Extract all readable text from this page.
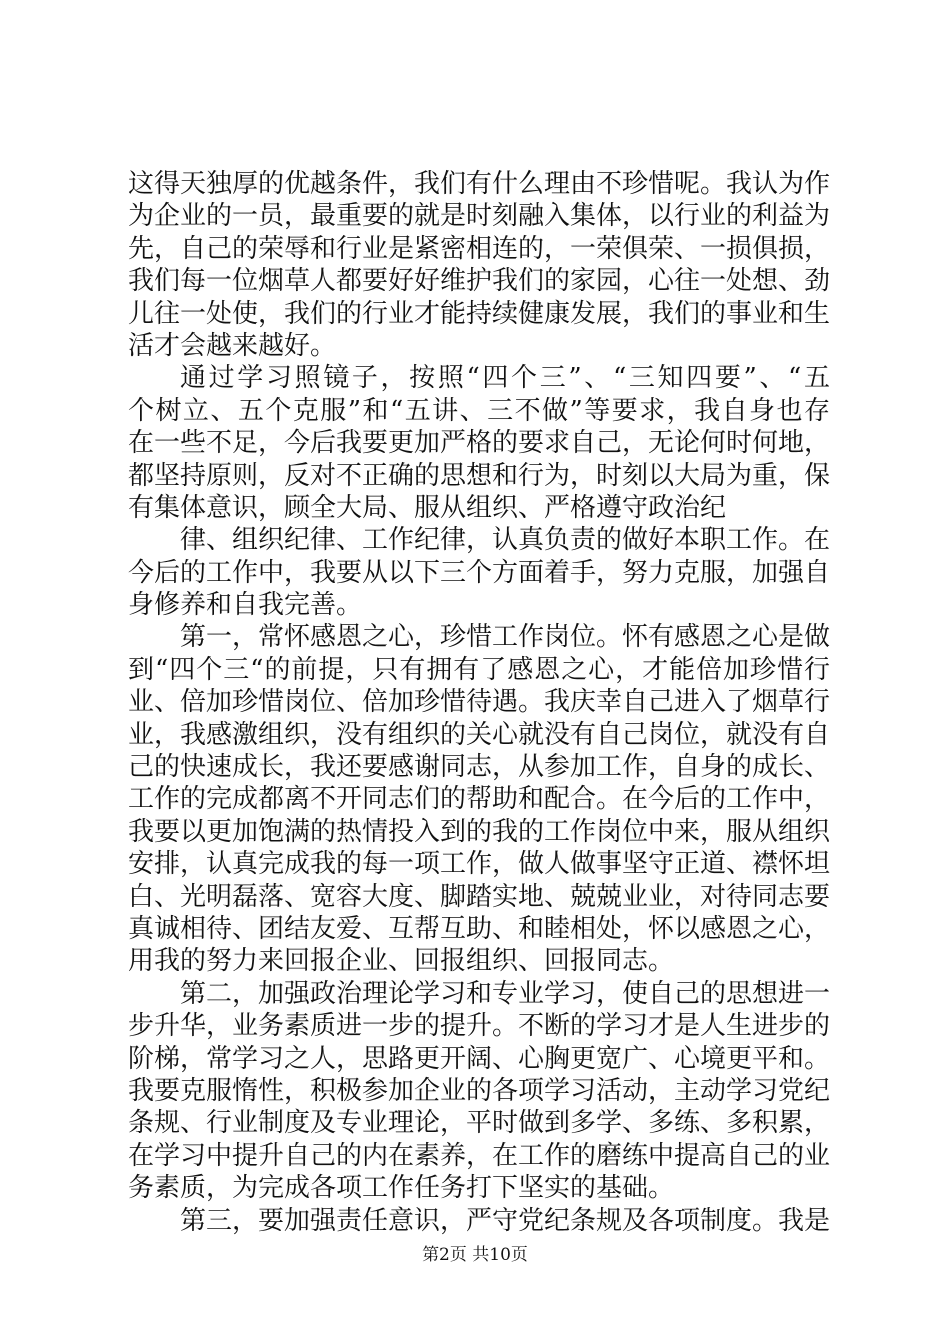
这得天独厚的优越条件，我们有什么理由不珍惜呢。我认为作
为企业的一员，最重要的就是时刻融入集体，以行业的利益为
先，自己的荣辱和行业是紧密相连的，一荣俱荣、一损俱损，
我们每一位烟草人都要好好维护我们的家园，心往一处想、劲
儿往一处使，我们的行业才能持续健康发展，我们的事业和生
活才会越来越好。
通过学习照镜子，按照“四个三”、“三知四要”、“五
个树立、五个克服”和“五讲、三不做”等要求，我自身也存
在一些不足，今后我要更加严格的要求自己，无论何时何地，
都坚持原则，反对不正确的思想和行为，时刻以大局为重，保
有集体意识，顾全大局、服从组织、严格遵守政治纪
律、组织纪律、工作纪律，认真负责的做好本职工作。在
今后的工作中，我要从以下三个方面着手，努力克服，加强自
身修养和自我完善。
第一，常怀感恩之心，珍惜工作岗位。怀有感恩之心是做
到“四个三“的前提，只有拥有了感恩之心，才能倍加珍惜行
业、倍加珍惜岗位、倍加珍惜待遇。我庆幸自己进入了烟草行
业，我感激组织，没有组织的关心就没有自己岗位，就没有自
己的快速成长，我还要感谢同志，从参加工作，自身的成长、
工作的完成都离不开同志们的帮助和配合。在今后的工作中，
我要以更加饱满的热情投入到的我的工作岗位中来，服从组织
安排，认真完成我的每一项工作，做人做事坚守正道、襟怀坦
白、光明磊落、宽容大度、脚踏实地、兢兢业业，对待同志要
真诚相待、团结友爱、互帮互助、和睦相处，怀以感恩之心，
用我的努力来回报企业、回报组织、回报同志。
第二，加强政治理论学习和专业学习，使自己的思想进一
步升华，业务素质进一步的提升。不断的学习才是人生进步的
阶梯，常学习之人，思路更开阔、心胸更宽广、心境更平和。
我要克服惰性，积极参加企业的各项学习活动，主动学习党纪
条规、行业制度及专业理论，平时做到多学、多练、多积累，
在学习中提升自己的内在素养，在工作的磨练中提高自己的业
务素质，为完成各项工作任务打下坚实的基础。
第三，要加强责任意识，严守党纪条规及各项制度。我是
第2页 共10页
